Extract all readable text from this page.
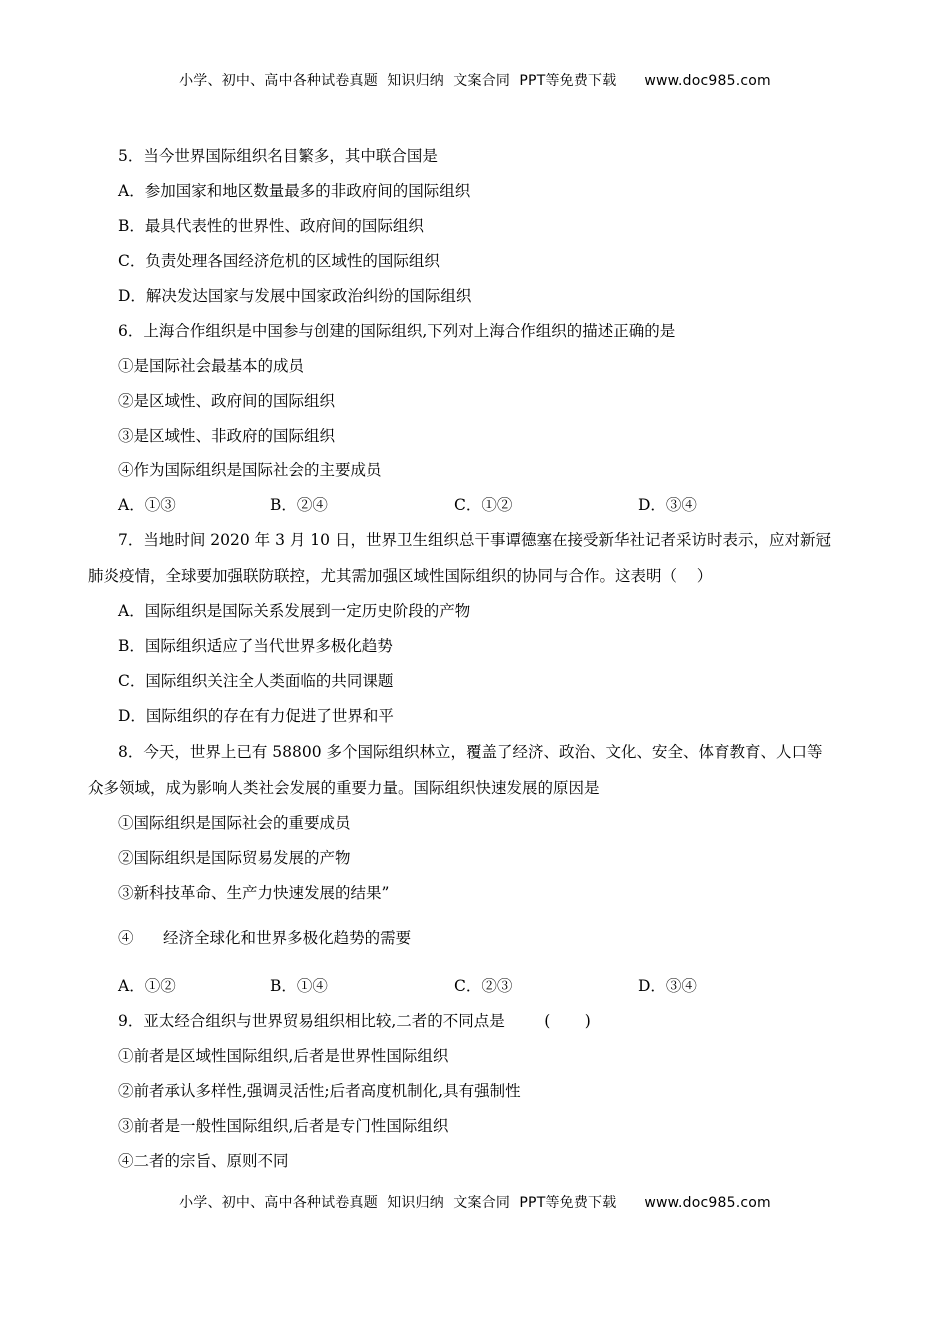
小学、初中、高中各种试卷真题  知识归纳  文案合同  PPT等免费下载      www.doc985.com
5．当今世界国际组织名目繁多，其中联合国是
A．参加国家和地区数量最多的非政府间的国际组织
B．最具代表性的世界性、政府间的国际组织
C．负责处理各国经济危机的区域性的国际组织
D．解决发达国家与发展中国家政治纠纷的国际组织
6．上海合作组织是中国参与创建的国际组织,下列对上海合作组织的描述正确的是
①是国际社会最基本的成员
②是区域性、政府间的国际组织
③是区域性、非政府的国际组织
④作为国际组织是国际社会的主要成员
A．①③	B．②④	C．①②	D．③④
7．当地时间 2020 年 3 月 10 日，世界卫生组织总干事谭德塞在接受新华社记者采访时表示，应对新冠
肺炎疫情，全球要加强联防联控，尤其需加强区域性国际组织的协同与合作。这表明（    ）
A．国际组织是国际关系发展到一定历史阶段的产物
B．国际组织适应了当代世界多极化趋势
C．国际组织关注全人类面临的共同课题
D．国际组织的存在有力促进了世界和平
8．今天，世界上已有 58800 多个国际组织林立，覆盖了经济、政治、文化、安全、体育教育、人口等
众多领域，成为影响人类社会发展的重要力量。国际组织快速发展的原因是
①国际组织是国际社会的重要成员
②国际组织是国际贸易发展的产物
③新科技革命、生产力快速发展的结果”
④      经济全球化和世界多极化趋势的需要
A．①②	B．①④	C．②③	D．③④
9．亚太经合组织与世界贸易组织相比较,二者的不同点是        (       )
①前者是区域性国际组织,后者是世界性国际组织
②前者承认多样性,强调灵活性;后者高度机制化,具有强制性
③前者是一般性国际组织,后者是专门性国际组织
④二者的宗旨、原则不同
小学、初中、高中各种试卷真题  知识归纳  文案合同  PPT等免费下载      www.doc985.com
